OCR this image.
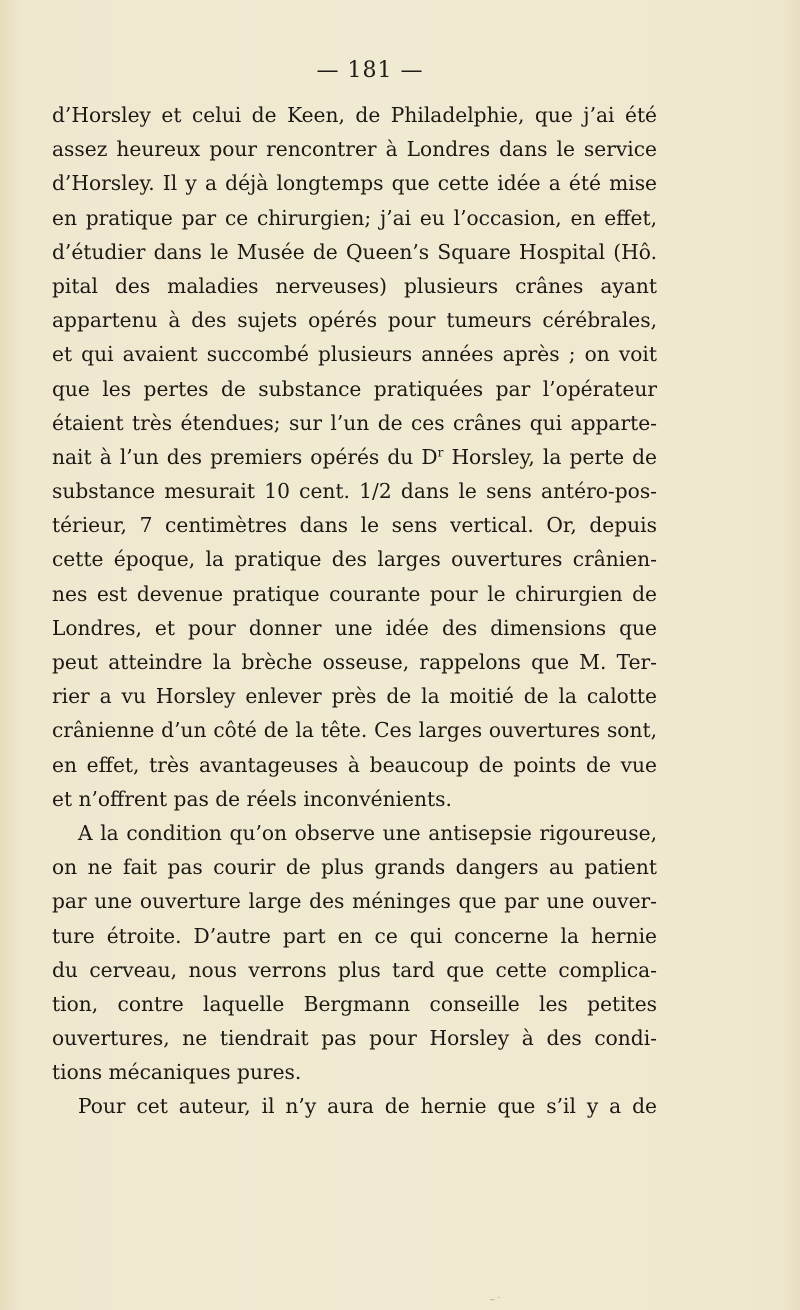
— 181 —
d’Horsley et celui de Keen, de Philadelphie, que j’ai été
assez heureux pour rencontrer à Londres dans le service
d’Horsley. Il y a déjà longtemps que cette idée a été mise
en pratique par ce chirurgien; j’ai eu l’occasion, en effet,
d’étudier dans le Musée de Queen’s Square Hospital (Hô.
pital des maladies nerveuses) plusieurs crânes ayant
appartenu à des sujets opérés pour tumeurs cérébrales,
et qui avaient succombé plusieurs années après ; on voit
que les pertes de substance pratiquées par l’opérateur
étaient très étendues; sur l’un de ces crânes qui apparte-
nait à l’un des premiers opérés du $D^r$ Horsley, la perte de
substance mesurait 10 cent. 1/2 dans le sens antéro-pos-
térieur, 7 centimètres dans le sens vertical. Or, depuis
cette époque, la pratique des larges ouvertures crânien-
nes est devenue pratique courante pour le chirurgien de
Londres, et pour donner une idée des dimensions que
peut atteindre la brèche osseuse, rappelons que M. Ter-
rier a vu Horsley enlever près de la moitié de la calotte
crânienne d’un côté de la tête. Ces larges ouvertures sont,
en effet, très avantageuses à beaucoup de points de vue
et n’offrent pas de réels inconvénients.
A la condition qu’on observe une antisepsie rigoureuse,
on ne fait pas courir de plus grands dangers au patient
par une ouverture large des méninges que par une ouver-
ture étroite. D’autre part en ce qui concerne la hernie
du cerveau, nous verrons plus tard que cette complica-
tion, contre laquelle Bergmann conseille les petites
ouvertures, ne tiendrait pas pour Horsley à des condi-
tions mécaniques pures.
Pour cet auteur, il n’y aura de hernie que s’il y a de
_ .
